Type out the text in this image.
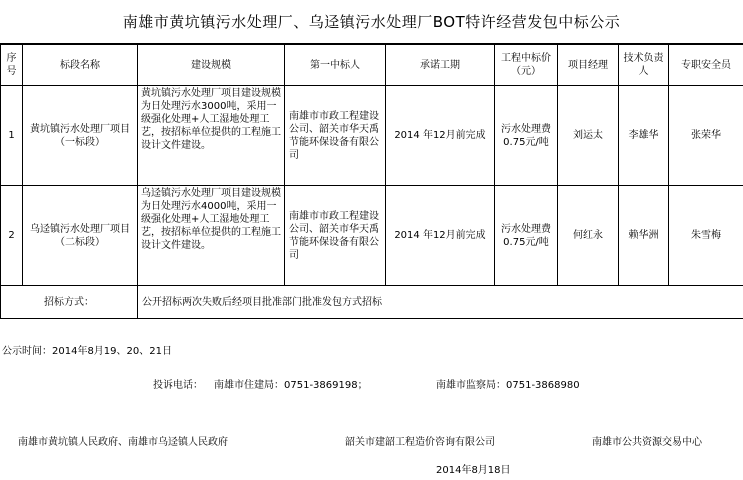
南雄市黄坑镇污水处理厂、乌迳镇污水处理厂BOT特许经营发包中标公示
序号	标段名称	建设规模	第一中标人	承诺工期	工程中标价（元）	项目经理	技术负责人	专职安全员
1	黄坑镇污水处理厂项目（一标段）	黄坑镇污水处理厂项目建设规模为日处理污水3000吨，采用一级强化处理+人工湿地处理工艺，按招标单位提供的工程施工设计文件建设。	南雄市市政工程建设公司、韶关市华天禹节能环保设备有限公司	2014 年12月前完成	污水处理费0.75元/吨	刘运太	李雄华	张荣华
2	乌迳镇污水处理厂项目（二标段）	乌迳镇污水处理厂项目建设规模为日处理污水4000吨，采用一级强化处理+人工湿地处理工艺，按招标单位提供的工程施工设计文件建设。	南雄市市政工程建设公司、韶关市华天禹节能环保设备有限公司	2014 年12月前完成	污水处理费0.75元/吨	何红永	赖华洲	朱雪梅
招标方式：		公开招标两次失败后经项目批准部门批准发包方式招标						
公示时间：2014年8月19、20、21日
投诉电话： 南雄市住建局：0751-3869198；	南雄市监察局：0751-3868980
南雄市黄坑镇人民政府、南雄市乌迳镇人民政府	韶关市建韶工程造价咨询有限公司	南雄市公共资源交易中心
2014年8月18日
